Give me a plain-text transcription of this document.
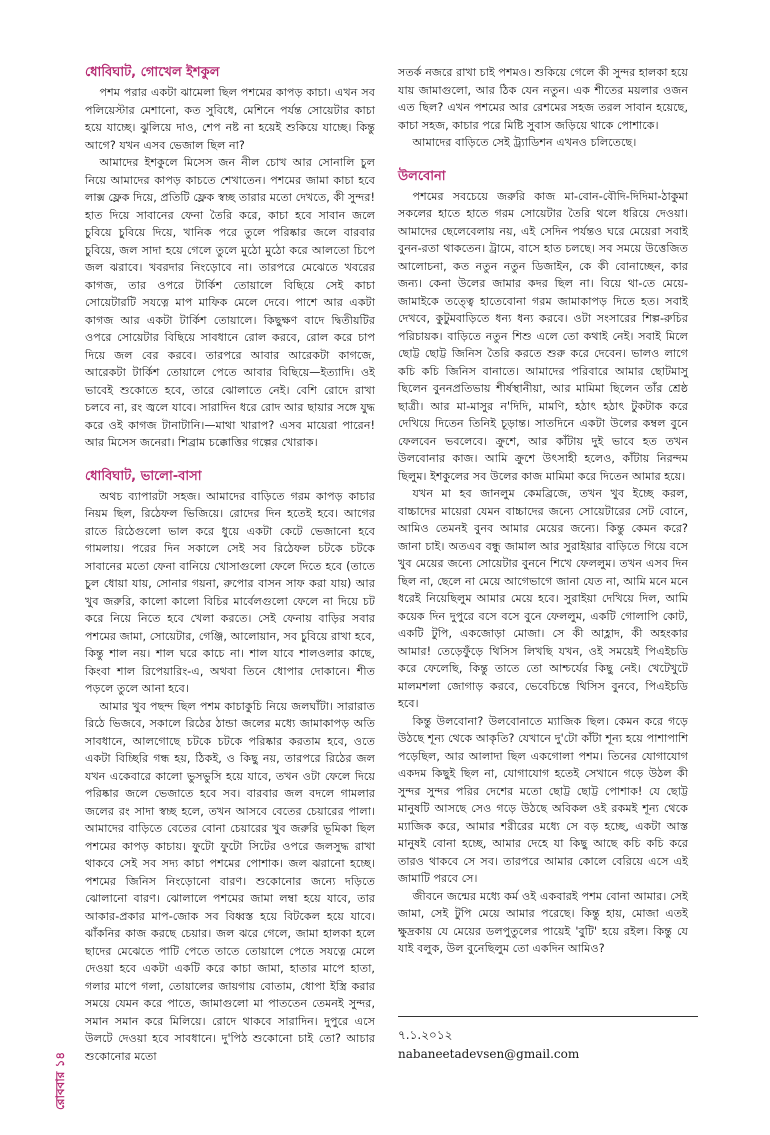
ধোবিঘাট, গোখেল ইশকুল

পশম পরার একটা ঝামেলা ছিল পশমের কাপড় কাচা। এখন সব পলিয়েস্টার মেশানো, কত সুবিধে, মেশিনে পর্যন্ত সোয়েটার কাচা হয়ে যাচ্ছে। ঝুলিয়ে দাও, শেপ নষ্ট না হয়েই শুকিয়ে যাচ্ছে। কিন্তু আগে? যখন এসব ভেজাল ছিল না?

আমাদের ইশকুলে মিসেস জন নীল চোখ আর সোনালি চুল নিয়ে আমাদের কাপড় কাচতে শেখাতেন। পশমের জামা কাচা হবে লাক্স ফ্লেক দিয়ে, প্রতিটি ফ্লেক স্বচ্ছ তারার মতো দেখতে, কী সুন্দর! হাত দিয়ে সাবানের ফেনা তৈরি করে, কাচা হবে সাবান জলে চুবিয়ে চুবিয়ে দিয়ে, খানিক পরে তুলে পরিষ্কার জলে বারবার চুবিয়ে, জল সাদা হয়ে গেলে তুলে মুঠো মুঠো করে আলতো চিপে জল ঝরাবে। খবরদার নিংড়োবে না। তারপরে মেঝেতে খবরের কাগজ, তার ওপরে টার্কিশ তোয়ালে বিছিয়ে সেই কাচা সোয়েটারটি সযত্নে মাপ মাফিক মেলে দেবে। পাশে আর একটা কাগজ আর একটা টার্কিশ তোয়ালে। কিছুক্ষণ বাদে দ্বিতীয়টির ওপরে সোয়েটার বিছিয়ে সাবধানে রোল করবে, রোল করে চাপ দিয়ে জল বের করবে। তারপরে আবার আরেকটা কাগজে, আরেকটা টার্কিশ তোয়ালে পেতে আবার বিছিয়ে—ইত্যাদি। ওই ভাবেই শুকোতে হবে, তারে ঝোলাতে নেই। বেশি রোদে রাখা চলবে না, রং জ্বলে যাবে। সারাদিন ধরে রোদ আর ছায়ার সঙ্গে যুদ্ধ করে ওই কাগজ টানাটানি।—মাথা খারাপ? এসব মায়েরা পারেন! আর মিসেস জনেরা। শিব্রাম চক্কোত্তির গল্পের খোরাক।

ধোবিঘাট, ভালো-বাসা

অথচ ব্যাপারটা সহজ। আমাদের বাড়িতে গরম কাপড় কাচার নিয়ম ছিল, রিঠেফল ভিজিয়ে। রোদের দিন হতেই হবে। আগের রাতে রিঠেগুলো ভাল করে ধুয়ে একটা কেটে ভেজানো হবে গামলায়। পরের দিন সকালে সেই সব রিঠেফল চটকে চটকে সাবানের মতো ফেনা বানিয়ে খোসাগুলো ফেলে দিতে হবে (তাতে চুল ধোয়া যায়, সোনার গয়না, রুপোর বাসন সাফ করা যায়) আর খুব জরুরি, কালো কালো বিচির মার্বেলগুলো ফেলে না দিয়ে চট করে নিয়ে নিতে হবে খেলা করতে। সেই ফেনায় বাড়ির সবার পশমের জামা, সোয়েটার, গেঞ্জি, আলোয়ান, সব চুবিয়ে রাখা হবে, কিন্তু শাল নয়। শাল ঘরে কাচে না। শাল যাবে শালওলার কাছে, কিংবা শাল রিপেয়ারিং-এ, অথবা তিনে ধোপার দোকানে। শীত পড়লে তুলে আনা হবে।

আমার খুব পছন্দ ছিল পশম কাচাকুচি নিয়ে জলঘাঁটা। সারারাত রিঠে ভিজবে, সকালে রিঠের ঠান্ডা জলের মধ্যে জামাকাপড় অতি সাবধানে, আলগোছে চটকে চটকে পরিষ্কার করতাম হবে, ওতে একটা বিচ্ছিরি গন্ধ হয়, ঠিকই, ও কিছু নয়, তারপরে রিঠের জল যখন একেবারে কালো ভুসভুসি হয়ে যাবে, তখন ওটা ফেলে দিয়ে পরিষ্কার জলে ভেজাতে হবে সব। বারবার জল বদলে গামলার জলের রং সাদা স্বচ্ছ হলে, তখন আসবে বেতের চেয়ারের পালা। আমাদের বাড়িতে বেতের বোনা চেয়ারের খুব জরুরি ভূমিকা ছিল পশমের কাপড় কাচায়। ফুটো ফুটো সিটের ওপরে জলসুদ্ধ রাখা থাকবে সেই সব সদ্য কাচা পশমের পোশাক। জল ঝরানো হচ্ছে। পশমের জিনিস নিংড়োনো বারণ। শুকোনোর জন্যে দড়িতে ঝোলানো বারণ। ঝোলালে পশমের জামা লম্বা হয়ে যাবে, তার আকার-প্রকার মাপ-জোক সব বিধ্বস্ত হয়ে বিটকেল হয়ে যাবে। ঝাঁকনির কাজ করছে চেয়ার। জল ঝরে গেলে, জামা হালকা হলে ছাদের মেঝেতে পাটি পেতে তাতে তোয়ালে পেতে সযত্নে মেলে দেওয়া হবে একটা একটি করে কাচা জামা, হাতার মাপে হাতা, গলার মাপে গলা, তোয়ালের জায়গায় বোতাম, ধোপা ইস্ত্রি করার সময়ে যেমন করে পাতে, জামাগুলো মা পাততেন তেমনই সুন্দর, সমান সমান করে মিলিয়ে। রোদে থাকবে সারাদিন। দুপুরে এসে উলটে দেওয়া হবে সাবধানে। দু'পিঠ শুকোনো চাই তো? আচার শুকোনোর মতো

সতর্ক নজরে রাখা চাই পশমও। শুকিয়ে গেলে কী সুন্দর হালকা হয়ে যায় জামাগুলো, আর ঠিক যেন নতুন। এক শীতের ময়লার ওজন এত ছিল? এখন পশমের আর রেশমের সহজ তরল সাবান হয়েছে, কাচা সহজ, কাচার পরে মিষ্টি সুবাস জড়িয়ে থাকে পোশাকে।

আমাদের বাড়িতে সেই ট্র্যাডিশন এখনও চলিতেছে।

উলবোনা

পশমের সবচেয়ে জরুরি কাজ মা-বোন-বৌদি-দিদিমা-ঠাকুমা সকলের হাতে হাতে গরম সোয়েটার তৈরি থলে ধরিয়ে দেওয়া। আমাদের ছেলেবেলায় নয়, এই সেদিন পর্যন্তও ঘরে মেয়েরা সবাই বুনন-রতা থাকতেন। ট্রামে, বাসে হাত চলছে। সব সময়ে উত্তেজিত আলোচনা, কত নতুন নতুন ডিজাইন, কে কী বোনাচ্ছেন, কার জন্য। কেনা উলের জামার কদর ছিল না। বিয়ে থা-তে মেয়ে-জামাইকে তত্ত্বে হাতেবোনা গরম জামাকাপড় দিতে হত। সবাই দেখবে, কুটুমবাড়িতে ধন্য ধন্য করবে। ওটা সংসারের শিল্প-রুচির পরিচায়ক। বাড়িতে নতুন শিশু এলে তো কথাই নেই। সবাই মিলে ছোট্ট ছোট্ট জিনিস তৈরি করতে শুরু করে দেবেন। ভালও লাগে কচি কচি জিনিস বানাতে। আমাদের পরিবারে আমার ছোটমাসু ছিলেন বুননপ্রতিভায় শীর্ষস্থানীয়া, আর মামিমা ছিলেন তাঁর শ্রেষ্ঠ ছাত্রী। আর মা-মাসুর ন'দিদি, মামণি, হঠাৎ হঠাৎ টুকটাক করে দেখিয়ে দিতেন তিনিই চূড়ান্ত। সাতদিনে একটা উলের কম্বল বুনে ফেলবেন ভবলেবে। ক্রুশে, আর কাঁটায় দুই ভাবে হত তখন উলবোনার কাজ। আমি ক্রুশে উৎসাহী হলেও, কাঁটায় নিরন্দম ছিলুম। ইশকুলের সব উলের কাজ মামিমা করে দিতেন আমার হয়ে।

যখন মা হব জানলুম কেমব্রিজে, তখন খুব ইচ্ছে করল, বাচ্চাদের মায়েরা যেমন বাচ্চাদের জন্যে সোয়েটারের সেট বোনে, আমিও তেমনই বুনব আমার মেয়ের জন্যে। কিন্তু কেমন করে? জানা চাই। অতএব বন্ধু জামাল আর সুরাইয়ার বাড়িতে গিয়ে বসে খুব মেয়ের জন্যে সোয়েটার বুননে শিখে ফেললুম। তখন এসব দিন ছিল না, ছেলে না মেয়ে আগেভাগে জানা যেত না, আমি মনে মনে ধরেই নিয়েছিলুম আমার মেয়ে হবে। সুরাইয়া দেখিয়ে দিল, আমি কয়েক দিন দুপুরে বসে বসে বুনে ফেললুম, একটি গোলাপি কোট, একটি টুপি, একজোড়া মোজা। সে কী আহ্লাদ, কী অহংকার আমার! তেড়েফুঁড়ে থিসিস লিখছি যখন, ওই সময়েই পিএইচডি করে ফেলেছি, কিন্তু তাতে তো আশ্চর্যের কিছু নেই। খেটেখুটে মালমশলা জোগাড় করবে, ভেবেচিন্তে থিসিস বুনবে, পিএইচডি হবে।

কিন্তু উলবোনা? উলবোনাতে ম্যাজিক ছিল। কেমন করে গড়ে উঠছে শূন্য থেকে আকৃতি? যেখানে দু'টো কাঁটা শূন্য হয়ে পাশাপাশি পড়েছিল, আর আলাদা ছিল একগোলা পশম। তিনের যোগাযোগ একদম কিছুই ছিল না, যোগাযোগ হতেই সেখানে গড়ে উঠল কী সুন্দর সুন্দর পরির দেশের মতো ছোট্ট ছোট্ট পোশাক! যে ছোট্ট মানুষটি আসছে সেও গড়ে উঠছে অবিকল ওই রকমই শূন্য থেকে ম্যাজিক করে, আমার শরীরের মধ্যে সে বড় হচ্ছে, একটা আস্ত মানুষই বোনা হচ্ছে, আমার দেহে যা কিছু আছে কচি কচি করে তারও থাকবে সে সব। তারপরে আমার কোলে বেরিয়ে এসে এই জামাটি পরবে সে।

জীবনে জন্মের মধ্যে কর্ম ওই একবারই পশম বোনা আমার। সেই জামা, সেই টুপি মেয়ে আমার পরেছে। কিন্তু হায়, মোজা এতই ক্ষুদ্রকায় যে মেয়ের ডলপুতুলের পায়েই 'বুটি' হয়ে রইল। কিন্তু যে যাই বলুক, উল বুনেছিলুম তো একদিন আমিও?

৭.১.২০১২
nabaneetadevsen@gmail.com
রোববার ১৪
